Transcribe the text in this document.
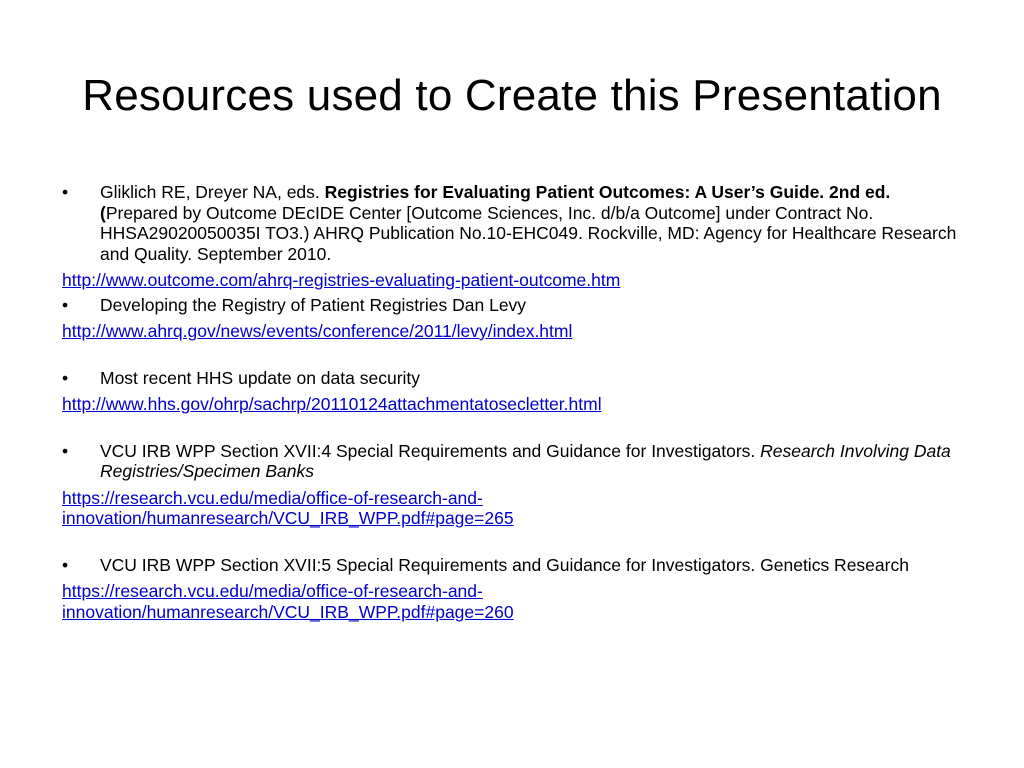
Resources used to Create this Presentation

•	Gliklich RE, Dreyer NA, eds. Registries for Evaluating Patient Outcomes: A User’s Guide. 2nd ed.(Prepared by Outcome DEcIDE Center [Outcome Sciences, Inc. d/b/a Outcome] under Contract No. HHSA29020050035I TO3.) AHRQ Publication No.10-EHC049. Rockville, MD: Agency for Healthcare Research and Quality. September 2010.

http://www.outcome.com/ahrq-registries-evaluating-patient-outcome.htm

•	Developing the Registry of Patient Registries Dan Levy

http://www.ahrq.gov/news/events/conference/2011/levy/index.html

•	Most recent HHS update on data security

http://www.hhs.gov/ohrp/sachrp/20110124attachmentatosecletter.html

•	VCU IRB WPP Section XVII:4 Special Requirements and Guidance for Investigators. Research Involving Data Registries/Specimen Banks

https://research.vcu.edu/media/office-of-research-and-innovation/humanresearch/VCU_IRB_WPP.pdf#page=265

•	VCU IRB WPP Section XVII:5 Special Requirements and Guidance for Investigators. Genetics Research

https://research.vcu.edu/media/office-of-research-and-innovation/humanresearch/VCU_IRB_WPP.pdf#page=260
